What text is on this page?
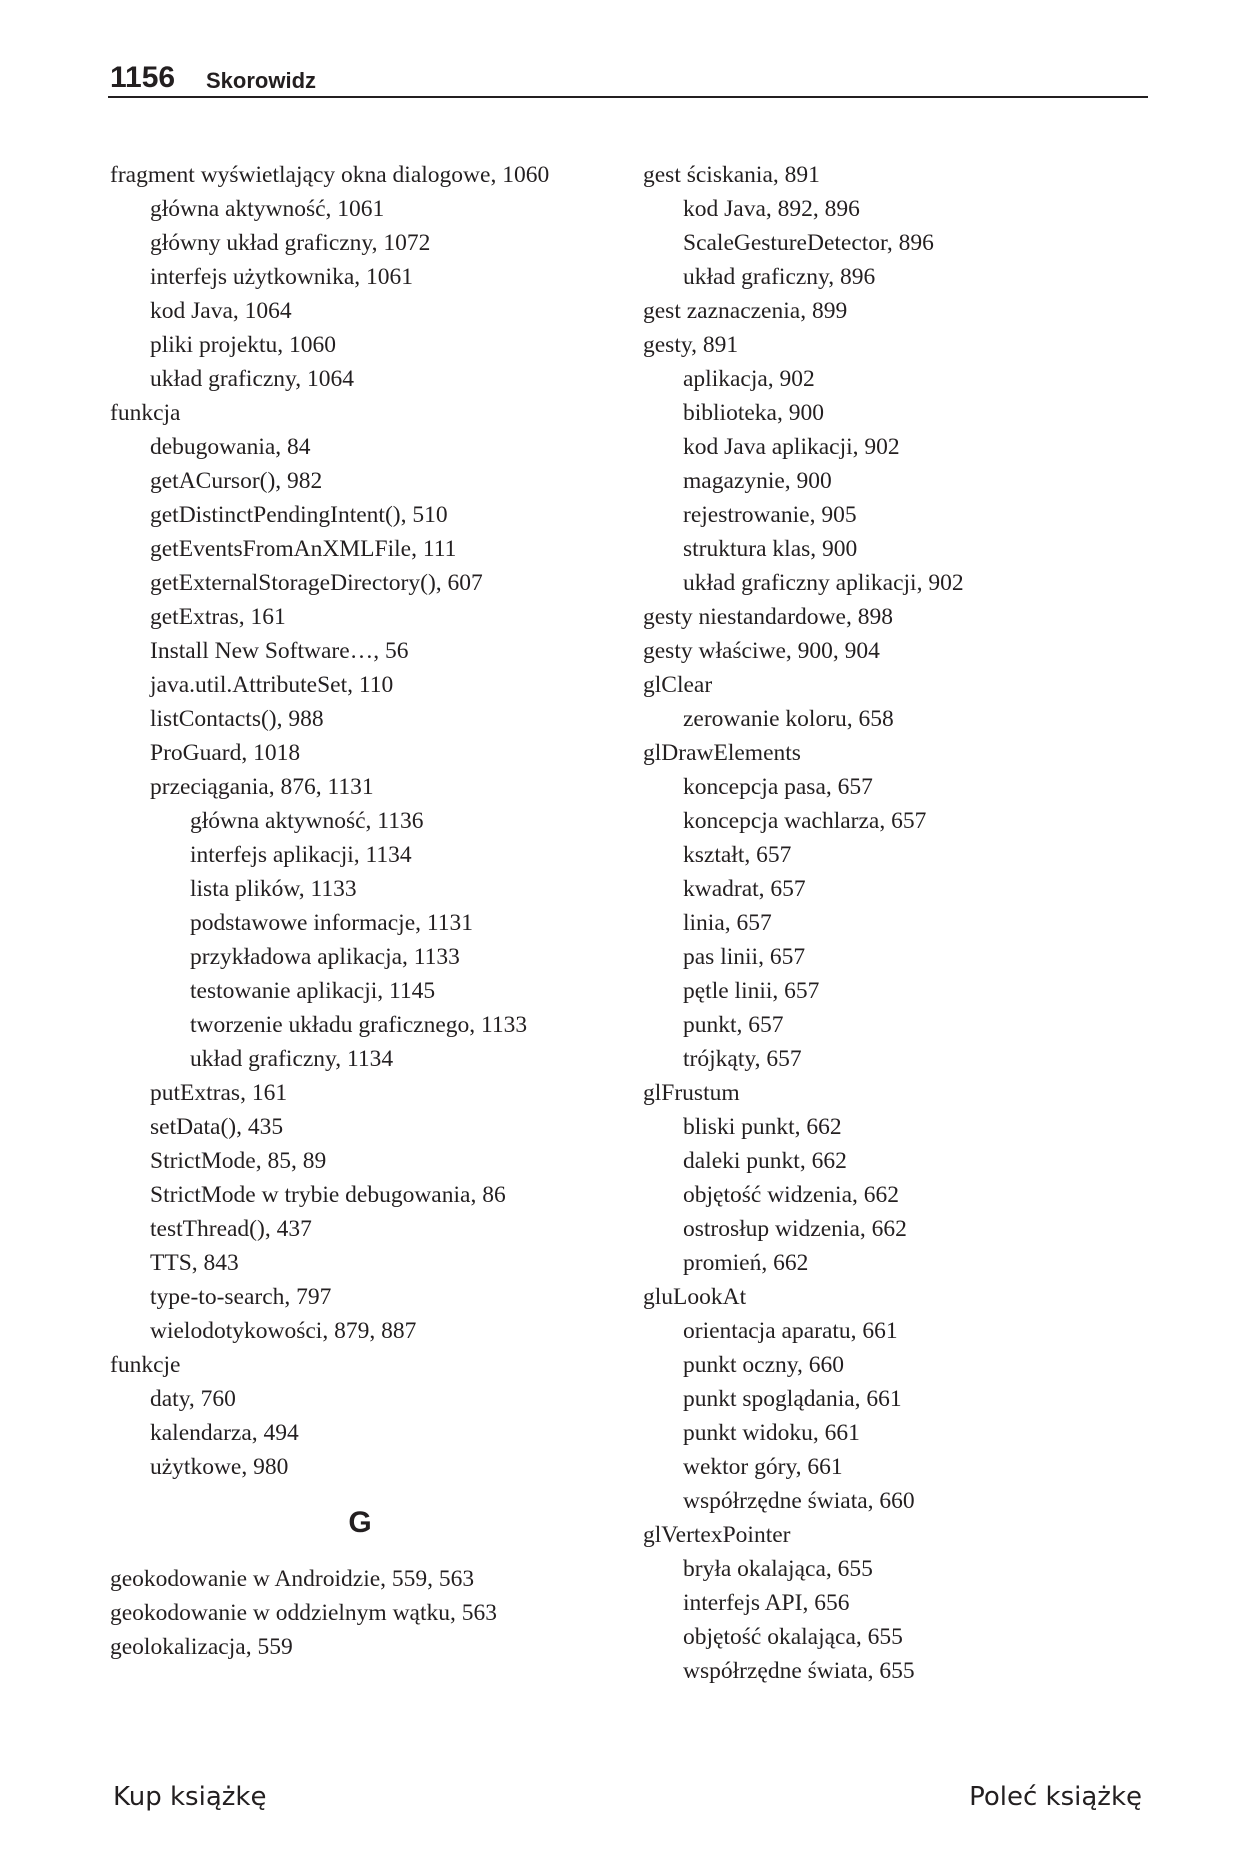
1156 Skorowidz
fragment wyświetlający okna dialogowe, 1060
główna aktywność, 1061
główny układ graficzny, 1072
interfejs użytkownika, 1061
kod Java, 1064
pliki projektu, 1060
układ graficzny, 1064
funkcja
debugowania, 84
getACursor(), 982
getDistinctPendingIntent(), 510
getEventsFromAnXMLFile, 111
getExternalStorageDirectory(), 607
getExtras, 161
Install New Software…, 56
java.util.AttributeSet, 110
listContacts(), 988
ProGuard, 1018
przeciągania, 876, 1131
główna aktywność, 1136
interfejs aplikacji, 1134
lista plików, 1133
podstawowe informacje, 1131
przykładowa aplikacja, 1133
testowanie aplikacji, 1145
tworzenie układu graficznego, 1133
układ graficzny, 1134
putExtras, 161
setData(), 435
StrictMode, 85, 89
StrictMode w trybie debugowania, 86
testThread(), 437
TTS, 843
type-to-search, 797
wielodotykowości, 879, 887
funkcje
daty, 760
kalendarza, 494
użytkowe, 980
G
geokodowanie w Androidzie, 559, 563
geokodowanie w oddzielnym wątku, 563
geolokalizacja, 559
gest ściskania, 891
kod Java, 892, 896
ScaleGestureDetector, 896
układ graficzny, 896
gest zaznaczenia, 899
gesty, 891
aplikacja, 902
biblioteka, 900
kod Java aplikacji, 902
magazynie, 900
rejestrowanie, 905
struktura klas, 900
układ graficzny aplikacji, 902
gesty niestandardowe, 898
gesty właściwe, 900, 904
glClear
zerowanie koloru, 658
glDrawElements
koncepcja pasa, 657
koncepcja wachlarza, 657
kształt, 657
kwadrat, 657
linia, 657
pas linii, 657
pętle linii, 657
punkt, 657
trójkąty, 657
glFrustum
bliski punkt, 662
daleki punkt, 662
objętość widzenia, 662
ostrosłup widzenia, 662
promień, 662
gluLookAt
orientacja aparatu, 661
punkt oczny, 660
punkt spoglądania, 661
punkt widoku, 661
wektor góry, 661
współrzędne świata, 660
glVertexPointer
bryła okalająca, 655
interfejs API, 656
objętość okalająca, 655
współrzędne świata, 655
Kup książkę	Poleć książkę
